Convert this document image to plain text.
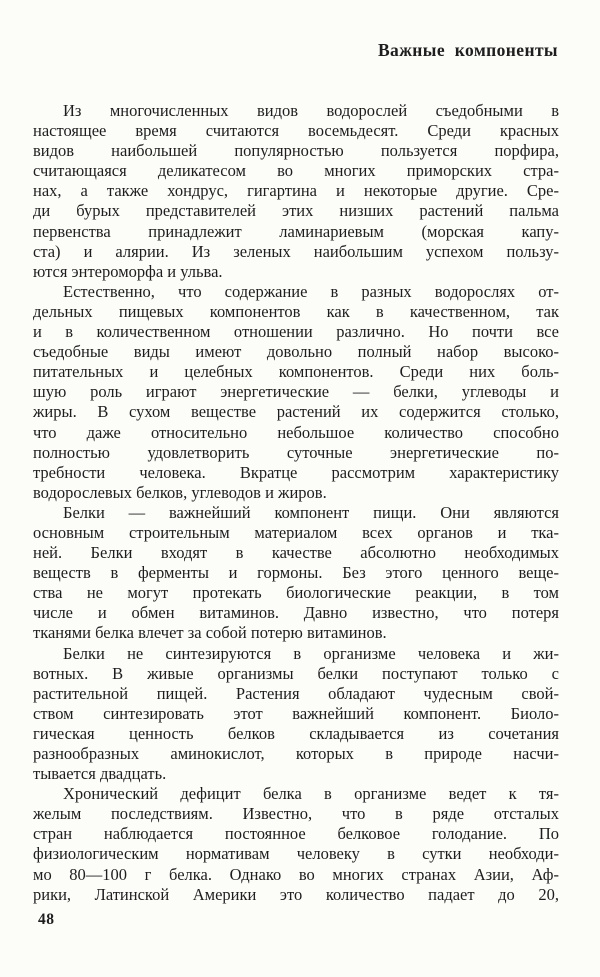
Важные компоненты
Из многочисленных видов водорослей съедобными в
настоящее время считаются восемьдесят. Среди красных
видов наибольшей популярностью пользуется порфира,
считающаяся деликатесом во многих приморских стра-
нах, а также хондрус, гигартина и некоторые другие. Сре-
ди бурых представителей этих низших растений пальма
первенства принадлежит ламинариевым (морская капу-
ста) и алярии. Из зеленых наибольшим успехом пользу-
ются энтероморфа и ульва.
Естественно, что содержание в разных водорослях от-
дельных пищевых компонентов как в качественном, так
и в количественном отношении различно. Но почти все
съедобные виды имеют довольно полный набор высоко-
питательных и целебных компонентов. Среди них боль-
шую роль играют энергетические — белки, углеводы и
жиры. В сухом веществе растений их содержится столько,
что даже относительно небольшое количество способно
полностью удовлетворить суточные энергетические по-
требности человека. Вкратце рассмотрим характеристику
водорослевых белков, углеводов и жиров.
Белки — важнейший компонент пищи. Они являются
основным строительным материалом всех органов и тка-
ней. Белки входят в качестве абсолютно необходимых
веществ в ферменты и гормоны. Без этого ценного веще-
ства не могут протекать биологические реакции, в том
числе и обмен витаминов. Давно известно, что потеря
тканями белка влечет за собой потерю витаминов.
Белки не синтезируются в организме человека и жи-
вотных. В живые организмы белки поступают только с
растительной пищей. Растения обладают чудесным свой-
ством синтезировать этот важнейший компонент. Биоло-
гическая ценность белков складывается из сочетания
разнообразных аминокислот, которых в природе насчи-
тывается двадцать.
Хронический дефицит белка в организме ведет к тя-
желым последствиям. Известно, что в ряде отсталых
стран наблюдается постоянное белковое голодание. По
физиологическим нормативам человеку в сутки необходи-
мо 80—100 г белка. Однако во многих странах Азии, Аф-
рики, Латинской Америки это количество падает до 20,
48
